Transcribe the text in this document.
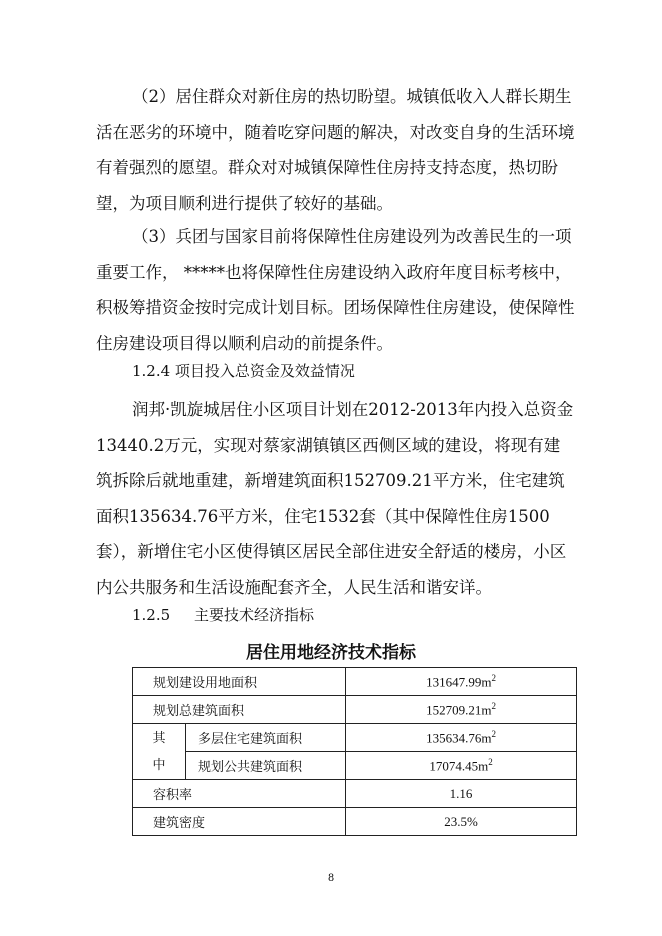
（2）居住群众对新住房的热切盼望。城镇低收入人群长期生活在恶劣的环境中，随着吃穿问题的解决，对改变自身的生活环境有着强烈的愿望。群众对对城镇保障性住房持支持态度，热切盼望，为项目顺利进行提供了较好的基础。

（3）兵团与国家目前将保障性住房建设列为改善民生的一项重要工作， *****也将保障性住房建设纳入政府年度目标考核中，积极筹措资金按时完成计划目标。团场保障性住房建设，使保障性住房建设项目得以顺利启动的前提条件。

1.2.4 项目投入总资金及效益情况

润邦·凯旋城居住小区项目计划在2012-2013年内投入总资金13440.2万元，实现对蔡家湖镇镇区西侧区域的建设，将现有建筑拆除后就地重建，新增建筑面积152709.21平方米，住宅建筑面积135634.76平方米，住宅1532套（其中保障性住房1500套），新增住宅小区使得镇区居民全部住进安全舒适的楼房，小区内公共服务和生活设施配套齐全，人民生活和谐安详。

1.2.5 主要技术经济指标

居住用地经济技术指标

规划建设用地面积		$131647.99m^2$
规划总建筑面积		$152709.21m^2$
其
中	多层住宅建筑面积	$135634.76m^2$
	规划公共建筑面积	$17074.45m^2$
容积率		1.16
建筑密度		23.5%

8
